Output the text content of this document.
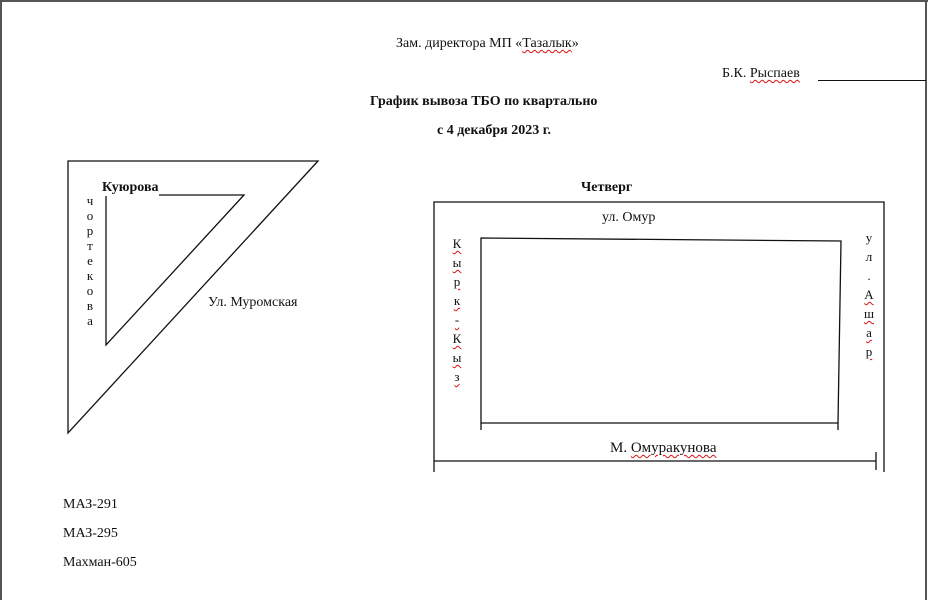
Зам. директора МП «Тазалык»
Б.К. Рыспаев
График вывоза ТБО по квартально
с 4 декабря 2023 г.
Куюрова
ч
о
р
т
е
к
о
в
а
Ул. Муромская
Четверг
ул. Омур
К
ы
р
к
-
К
ы
з
у
л
.
А
ш
а
р
М. Омуракунова
МАЗ-291
МАЗ-295
Махман-605
